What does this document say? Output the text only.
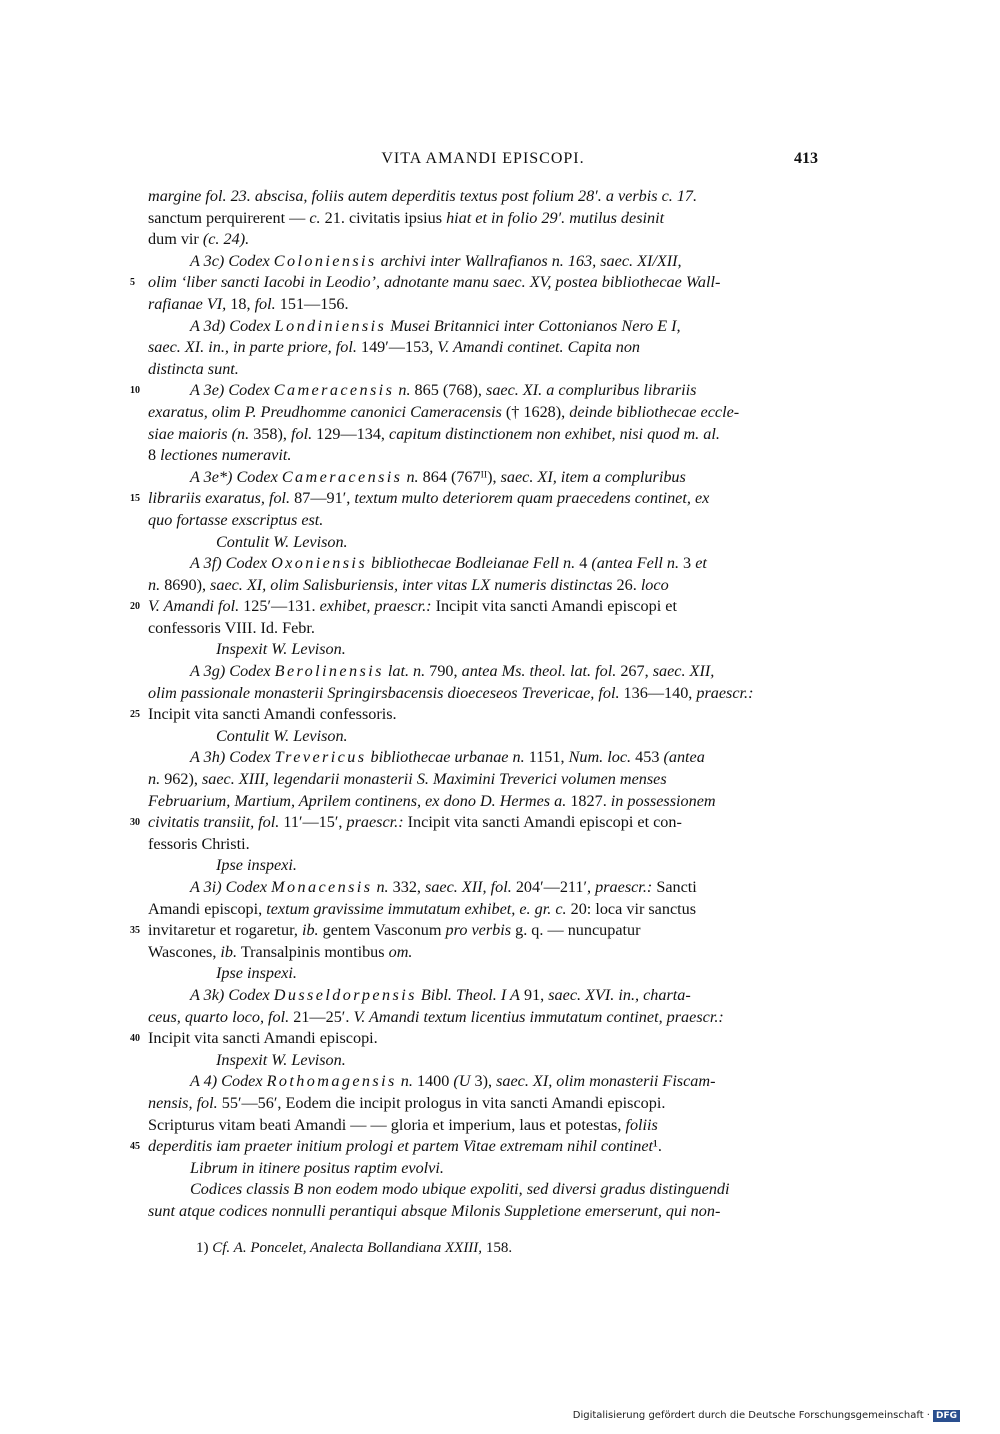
VITA AMANDI EPISCOPI.	413
margine fol. 23. abscisa, foliis autem deperditis textus post folium 28′. a verbis c. 17.
sanctum perquirerent — c. 21. civitatis ipsius hiat et in folio 29′. mutilus desinit
dum vir (c. 24).
A 3c) Codex Coloniensis archivi inter Wallrafianos n. 163, saec. XI/XII,
5 olim ‘liber sancti Iacobi in Leodio’, adnotante manu saec. XV, postea bibliothecae Wall-
rafianae VI, 18, fol. 151—156.
A 3d) Codex Londiniensis Musei Britannici inter Cottonianos Nero E I,
saec. XI. in., in parte priore, fol. 149′—153, V. Amandi continet. Capita non
distincta sunt.
10	A 3e) Codex Cameracensis n. 865 (768), saec. XI. a compluribus librariis
exaratus, olim P. Preudhomme canonici Cameracensis († 1628), deinde bibliothecae eccle-
siae maioris (n. 358), fol. 129—134, capitum distinctionem non exhibet, nisi quod m. al.
8 lectiones numeravit.
A 3e*) Codex Cameracensis n. 864 (767ᴵᴵ), saec. XI, item a compluribus
15 librariis exaratus, fol. 87—91′, textum multo deteriorem quam praecedens continet, ex
quo fortasse exscriptus est.
Contulit W. Levison.
A 3f) Codex Oxoniensis bibliothecae Bodleianae Fell n. 4 (antea Fell n. 3 et
n. 8690), saec. XI, olim Salisburiensis, inter vitas LX numeris distinctas 26. loco
20 V. Amandi fol. 125′—131. exhibet, praescr.: Incipit vita sancti Amandi episcopi et
confessoris VIII. Id. Febr.
Inspexit W. Levison.
A 3g) Codex Berolinensis lat. n. 790, antea Ms. theol. lat. fol. 267, saec. XII,
olim passionale monasterii Springirsbacensis dioeceseos Trevericae, fol. 136—140, praescr.:
25 Incipit vita sancti Amandi confessoris.
Contulit W. Levison.
A 3h) Codex Trevericus bibliothecae urbanae n. 1151, Num. loc. 453 (antea
n. 962), saec. XIII, legendarii monasterii S. Maximini Treverici volumen menses
Februarium, Martium, Aprilem continens, ex dono D. Hermes a. 1827. in possessionem
30 civitatis transiit, fol. 11′—15′, praescr.: Incipit vita sancti Amandi episcopi et con-
fessoris Christi.
Ipse inspexi.
A 3i) Codex Monacensis n. 332, saec. XII, fol. 204′—211′, praescr.: Sancti
Amandi episcopi, textum gravissime immutatum exhibet, e. gr. c. 20: loca vir sanctus
35 invitaretur et rogaretur, ib. gentem Vasconum pro verbis g. q. — nuncupatur
Wascones, ib. Transalpinis montibus om.
Ipse inspexi.
A 3k) Codex Dusseldorpensis Bibl. Theol. I A 91, saec. XVI. in., charta-
ceus, quarto loco, fol. 21—25′. V. Amandi textum licentius immutatum continet, praescr.:
40 Incipit vita sancti Amandi episcopi.
Inspexit W. Levison.
A 4) Codex Rothomagensis n. 1400 (U 3), saec. XI, olim monasterii Fiscam-
nensis, fol. 55′—56′, Eodem die incipit prologus in vita sancti Amandi episcopi.
Scripturus vitam beati Amandi — — gloria et imperium, laus et potestas, foliis
45 deperditis iam praeter initium prologi et partem Vitae extremam nihil continet¹.
Librum in itinere positus raptim evolvi.
Codices classis B non eodem modo ubique expoliti, sed diversi gradus distinguendi
sunt atque codices nonnulli perantiqui absque Milonis Suppletione emerserunt, qui non-
1) Cf. A. Poncelet, Analecta Bollandiana XXIII, 158.
Digitalisierung gefördert durch die Deutsche Forschungsgemeinschaft · DFG
